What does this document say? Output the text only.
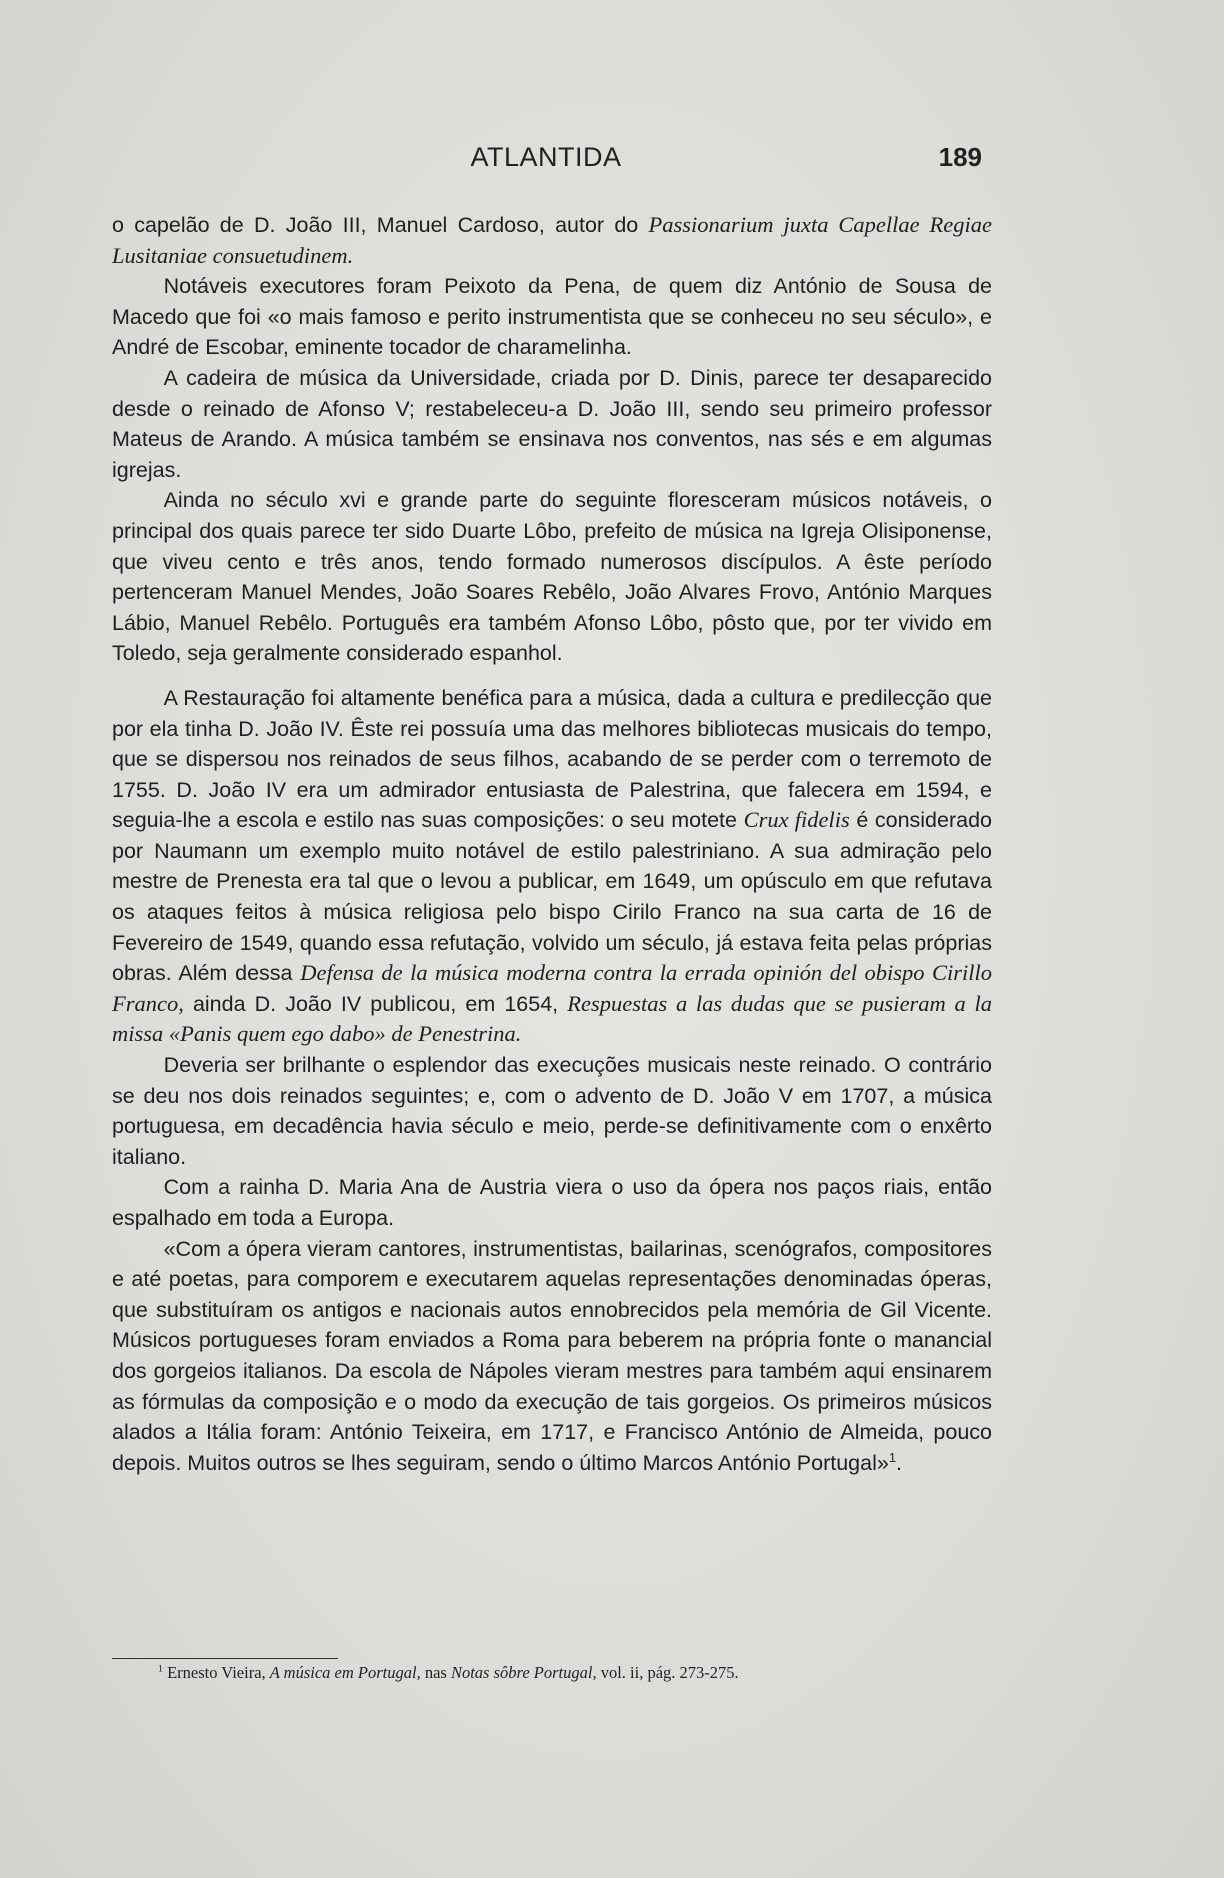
ATLANTIDA	189

o capelão de D. João III, Manuel Cardoso, autor do Passionarium juxta Capellae Regiae Lusitaniae consuetudinem.

Notáveis executores foram Peixoto da Pena, de quem diz António de Sousa de Macedo que foi «o mais famoso e perito instrumentista que se conheceu no seu século», e André de Escobar, eminente tocador de charamelinha.

A cadeira de música da Universidade, criada por D. Dinis, parece ter desaparecido desde o reinado de Afonso V; restabeleceu-a D. João III, sendo seu primeiro professor Mateus de Arando. A música também se ensinava nos conventos, nas sés e em algumas igrejas.

Ainda no século xvi e grande parte do seguinte floresceram músicos notáveis, o principal dos quais parece ter sido Duarte Lôbo, prefeito de música na Igreja Olisiponense, que viveu cento e três anos, tendo formado numerosos discípulos. A êste período pertenceram Manuel Mendes, João Soares Rebêlo, João Alvares Frovo, António Marques Lábio, Manuel Rebêlo. Português era também Afonso Lôbo, pôsto que, por ter vivido em Toledo, seja geralmente considerado espanhol.

A Restauração foi altamente benéfica para a música, dada a cultura e predilecção que por ela tinha D. João IV. Êste rei possuía uma das melhores bibliotecas musicais do tempo, que se dispersou nos reinados de seus filhos, acabando de se perder com o terremoto de 1755. D. João IV era um admirador entusiasta de Palestrina, que falecera em 1594, e seguia-lhe a escola e estilo nas suas composições: o seu motete Crux fidelis é considerado por Naumann um exemplo muito notável de estilo palestriniano. A sua admiração pelo mestre de Prenesta era tal que o levou a publicar, em 1649, um opúsculo em que refutava os ataques feitos à música religiosa pelo bispo Cirilo Franco na sua carta de 16 de Fevereiro de 1549, quando essa refutação, volvido um século, já estava feita pelas próprias obras. Além dessa Defensa de la música moderna contra la errada opinión del obispo Cirillo Franco, ainda D. João IV publicou, em 1654, Respuestas a las dudas que se pusieram a la missa «Panis quem ego dabo» de Penestrina.

Deveria ser brilhante o esplendor das execuções musicais neste reinado. O contrário se deu nos dois reinados seguintes; e, com o advento de D. João V em 1707, a música portuguesa, em decadência havia século e meio, perde-se definitivamente com o enxêrto italiano.

Com a rainha D. Maria Ana de Austria viera o uso da ópera nos paços riais, então espalhado em toda a Europa.

«Com a ópera vieram cantores, instrumentistas, bailarinas, scenógrafos, compositores e até poetas, para comporem e executarem aquelas representações denominadas óperas, que substituíram os antigos e nacionais autos ennobrecidos pela memória de Gil Vicente. Músicos portugueses foram enviados a Roma para beberem na própria fonte o manancial dos gorgeios italianos. Da escola de Nápoles vieram mestres para também aqui ensinarem as fórmulas da composição e o modo da execução de tais gorgeios. Os primeiros músicos alados a Itália foram: António Teixeira, em 1717, e Francisco António de Almeida, pouco depois. Muitos outros se lhes seguiram, sendo o último Marcos António Portugal»$^1$.

$^1$ Ernesto Vieira, A música em Portugal, nas Notas sôbre Portugal, vol. ii, pág. 273-275.
